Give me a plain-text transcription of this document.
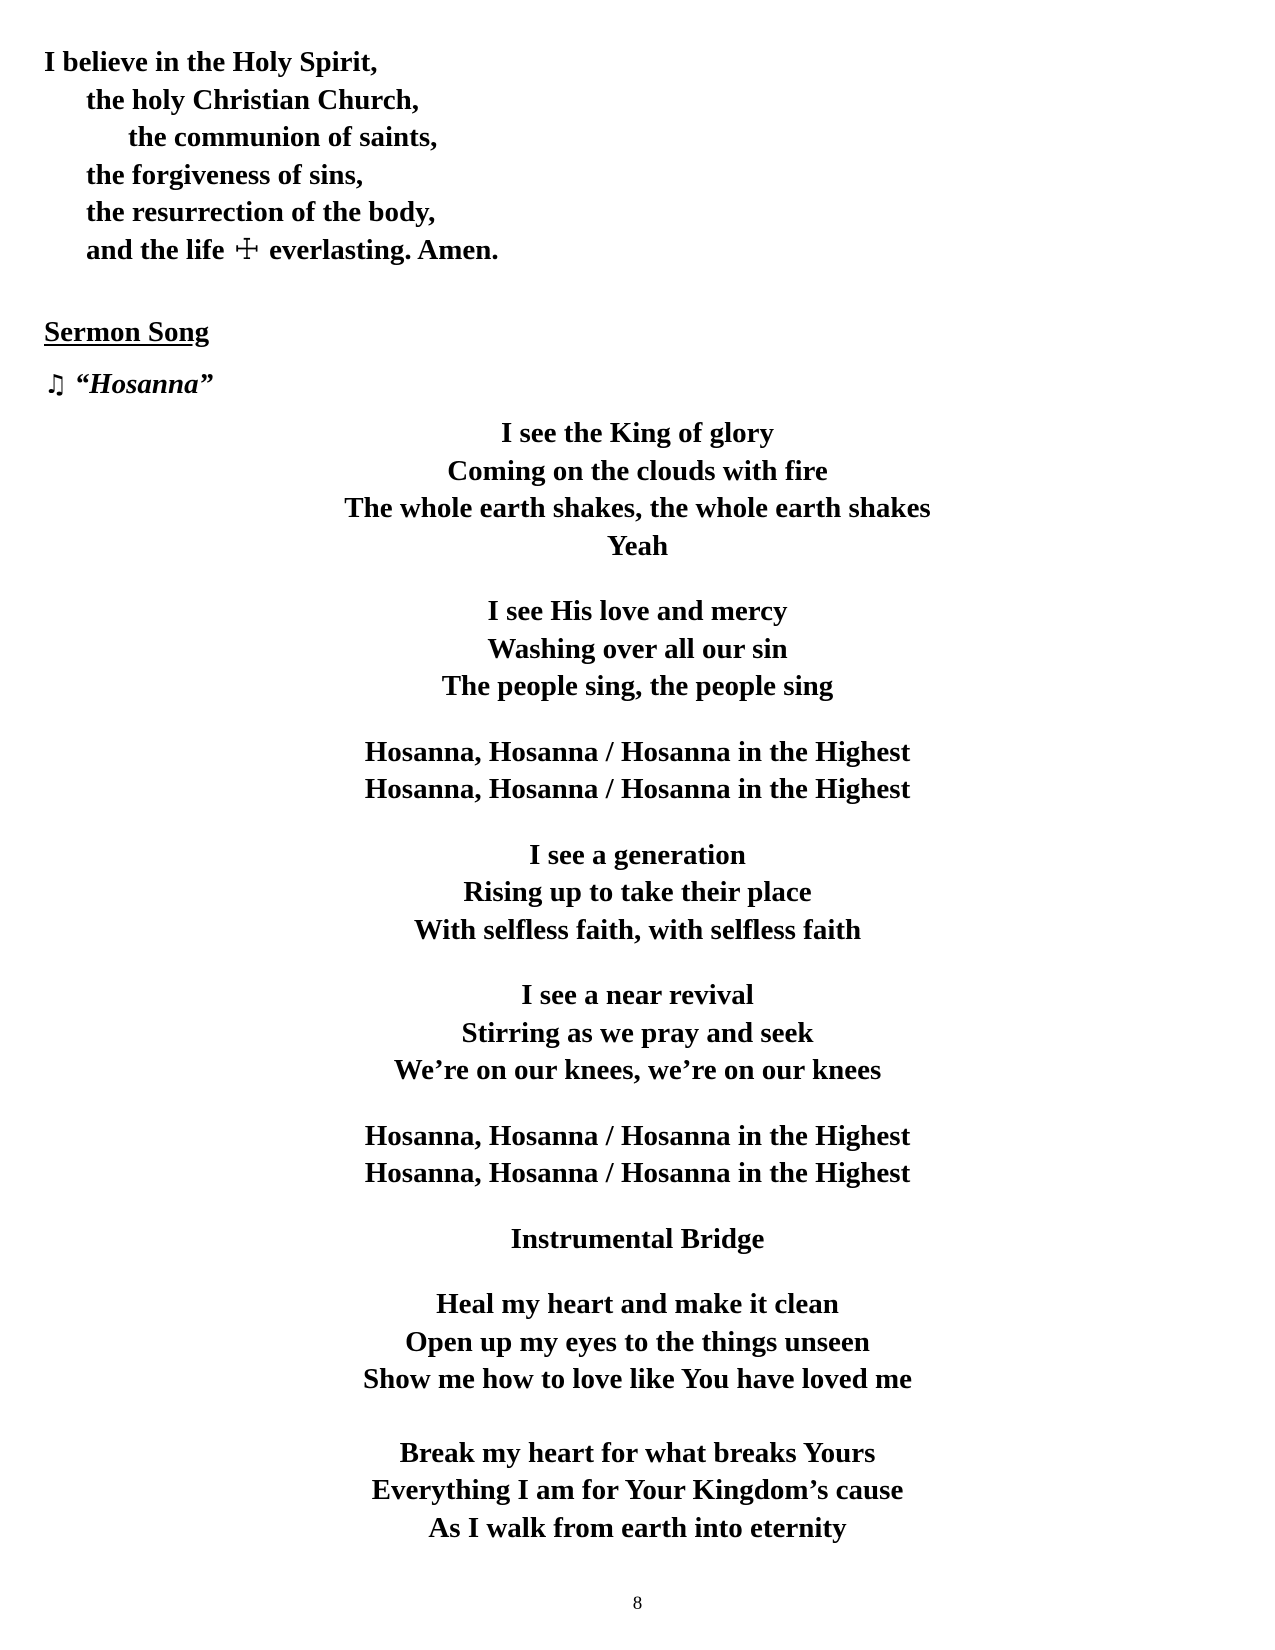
I believe in the Holy Spirit,
the holy Christian Church,
the communion of saints,
the forgiveness of sins,
the resurrection of the body,
and the life ☩ everlasting. Amen.
Sermon Song
♫ “Hosanna”
I see the King of glory
Coming on the clouds with fire
The whole earth shakes, the whole earth shakes
Yeah
I see His love and mercy
Washing over all our sin
The people sing, the people sing
Hosanna, Hosanna / Hosanna in the Highest
Hosanna, Hosanna / Hosanna in the Highest
I see a generation
Rising up to take their place
With selfless faith, with selfless faith
I see a near revival
Stirring as we pray and seek
We’re on our knees, we’re on our knees
Hosanna, Hosanna / Hosanna in the Highest
Hosanna, Hosanna / Hosanna in the Highest
Instrumental Bridge
Heal my heart and make it clean
Open up my eyes to the things unseen
Show me how to love like You have loved me
Break my heart for what breaks Yours
Everything I am for Your Kingdom’s cause
As I walk from earth into eternity
8
